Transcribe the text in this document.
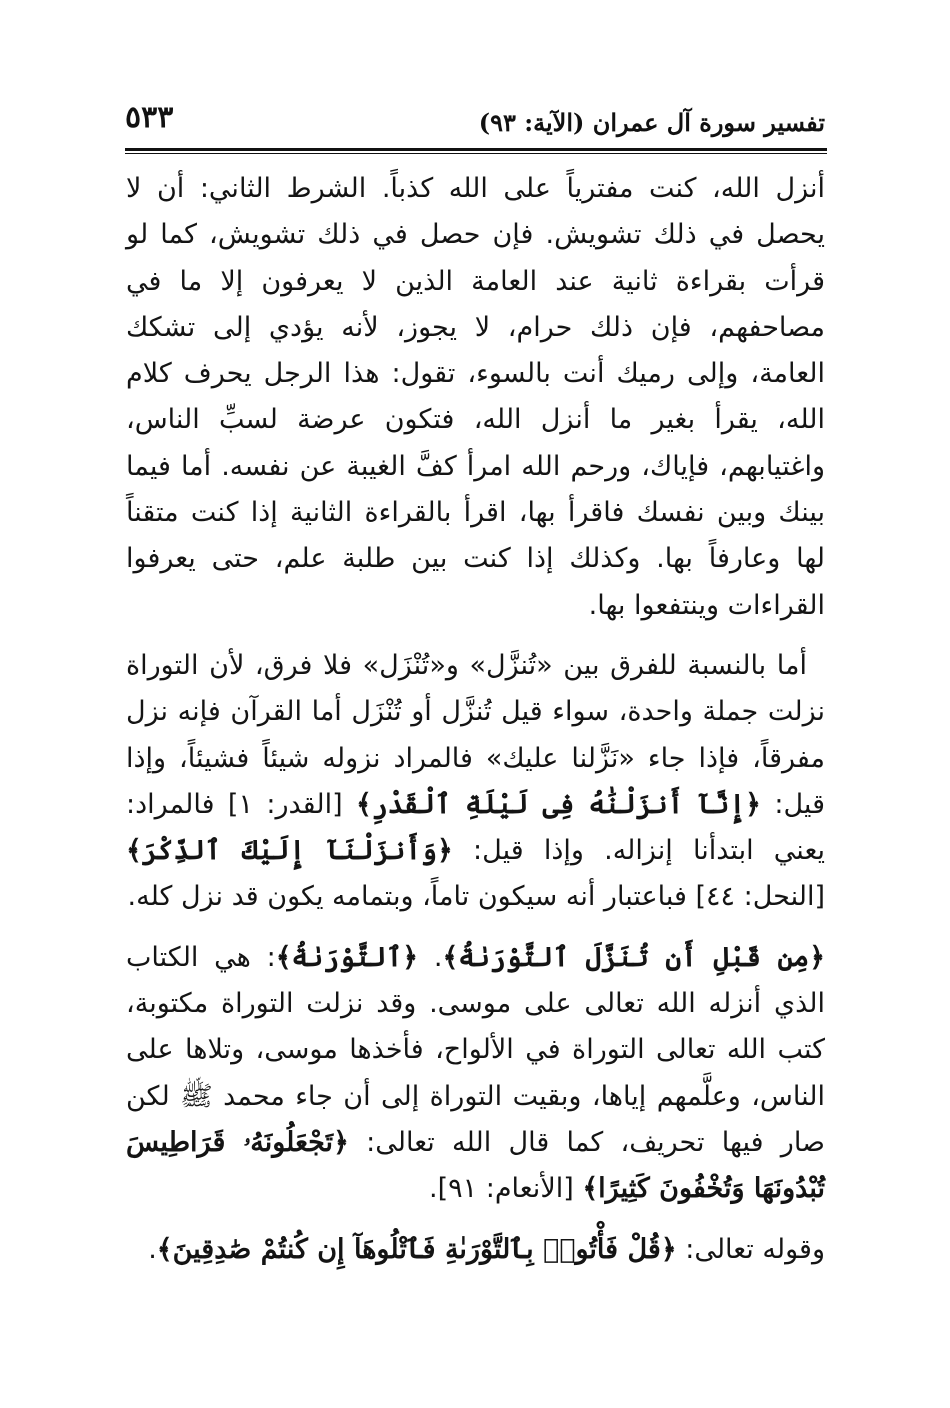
تفسير سورة آل عمران (الآية: ٩٣)
٥٣٣

أنزل الله، كنت مفترياً على الله كذباً. الشرط الثاني: أن لا يحصل في ذلك تشويش. فإن حصل في ذلك تشويش، كما لو قرأت بقراءة ثانية عند العامة الذين لا يعرفون إلا ما في مصاحفهم، فإن ذلك حرام، لا يجوز، لأنه يؤدي إلى تشكك العامة، وإلى رميك أنت بالسوء، تقول: هذا الرجل يحرف كلام الله، يقرأ بغير ما أنزل الله، فتكون عرضة لسبِّ الناس، واغتيابهم، فإياك، ورحم الله امرأ كفَّ الغيبة عن نفسه. أما فيما بينك وبين نفسك فاقرأ بها، اقرأ بالقراءة الثانية إذا كنت متقناً لها وعارفاً بها. وكذلك إذا كنت بين طلبة علم، حتى يعرفوا القراءات وينتفعوا بها.

أما بالنسبة للفرق بين «تُنزَّل» و«تُنْزَل» فلا فرق، لأن التوراة نزلت جملة واحدة، سواء قيل تُنزَّل أو تُنْزَل أما القرآن فإنه نزل مفرقاً، فإذا جاء «نَزَّلنا عليك» فالمراد نزوله شيئاً فشيئاً، وإذا قيل: ﴿إِنَّآ أَنزَلْنَٰهُ فِى لَيْلَةِ ٱلْقَدْرِ﴾ [القدر: ١] فالمراد: يعني ابتدأنا إنزاله. وإذا قيل: ﴿وَأَنزَلْنَآ إِلَيْكَ ٱلذِّكْرَ﴾ [النحل: ٤٤] فباعتبار أنه سيكون تاماً، وبتمامه يكون قد نزل كله.

﴿مِن قَبْلِ أَن تُنَزَّلَ ٱلتَّوْرَىٰةُ﴾. ﴿ٱلتَّوْرَىٰةُ﴾: هي الكتاب الذي أنزله الله تعالى على موسى. وقد نزلت التوراة مكتوبة، كتب الله تعالى التوراة في الألواح، فأخذها موسى، وتلاها على الناس، وعلَّمهم إياها، وبقيت التوراة إلى أن جاء محمد ﷺ لكن صار فيها تحريف، كما قال الله تعالى: ﴿تَجْعَلُونَهُۥ قَرَاطِيسَ تُبْدُونَهَا وَتُخْفُونَ كَثِيرًا﴾ [الأنعام: ٩١].

وقوله تعالى: ﴿قُلْ فَأْتُوا۟ بِٱلتَّوْرَىٰةِ فَٱتْلُوهَآ إِن كُنتُمْ صَٰدِقِينَ﴾.
